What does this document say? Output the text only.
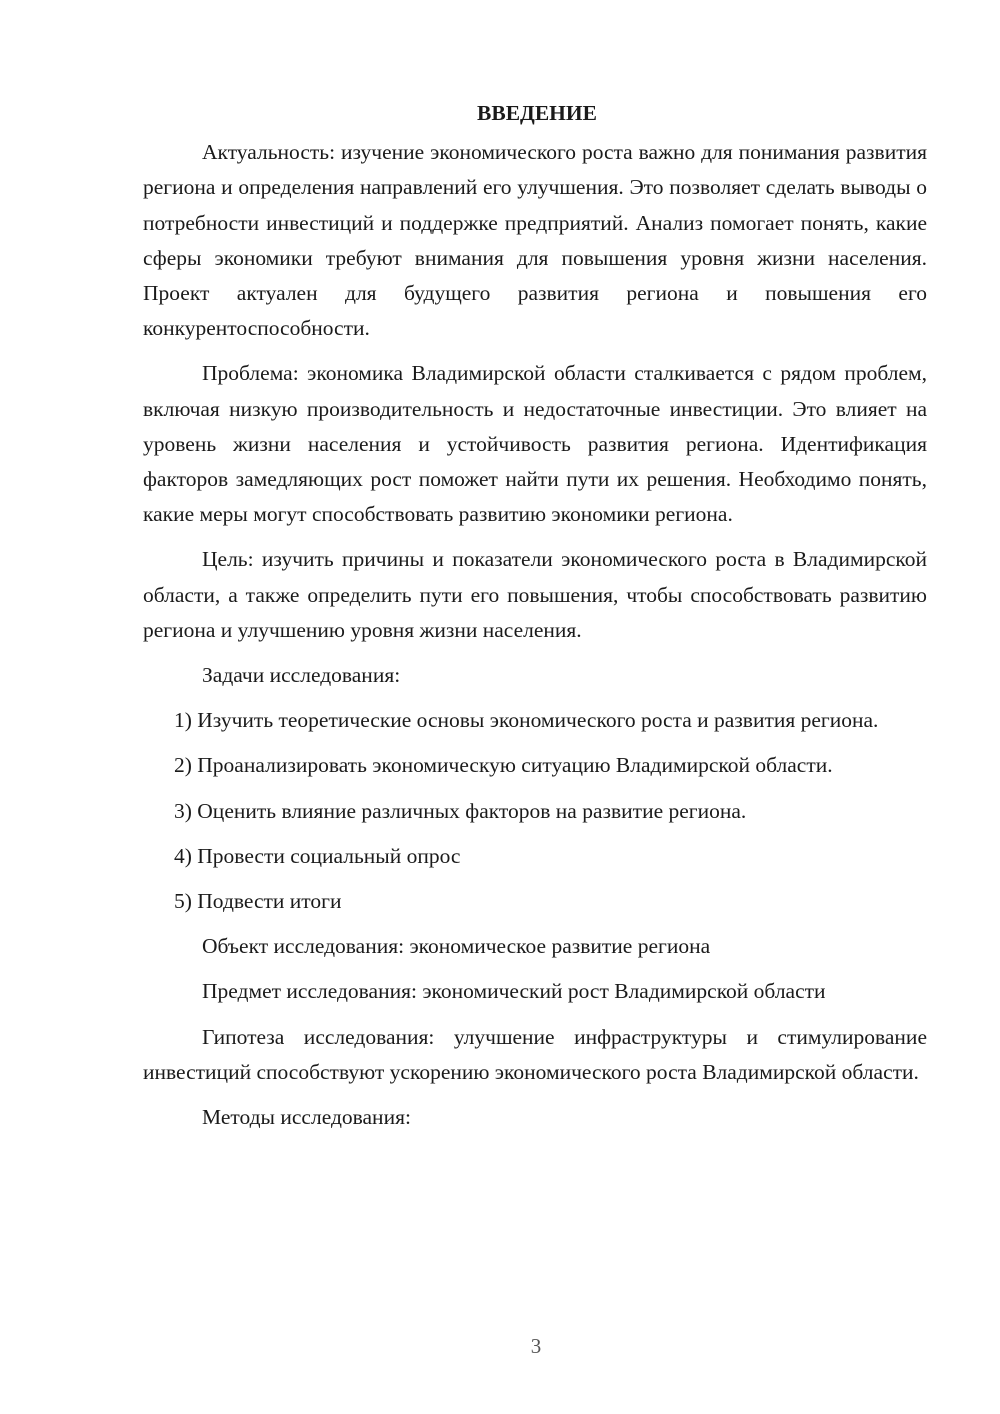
ВВЕДЕНИЕ

Актуальность: изучение экономического роста важно для понимания развития региона и определения направлений его улучшения. Это позволяет сделать выводы о потребности инвестиций и поддержке предприятий. Анализ помогает понять, какие сферы экономики требуют внимания для повышения уровня жизни населения. Проект актуален для будущего развития региона и повышения его конкурентоспособности.

Проблема: экономика Владимирской области сталкивается с рядом проблем, включая низкую производительность и недостаточные инвестиции. Это влияет на уровень жизни населения и устойчивость развития региона. Идентификация факторов замедляющих рост поможет найти пути их решения. Необходимо понять, какие меры могут способствовать развитию экономики региона.

Цель: изучить причины и показатели экономического роста в Владимирской области, а также определить пути его повышения, чтобы способствовать развитию региона и улучшению уровня жизни населения.

Задачи исследования:

1) Изучить теоретические основы экономического роста и развития региона.

2) Проанализировать экономическую ситуацию Владимирской области.

3) Оценить влияние различных факторов на развитие региона.

4) Провести социальный опрос

5) Подвести итоги

Объект исследования: экономическое развитие региона

Предмет исследования: экономический рост Владимирской области

Гипотеза исследования: улучшение инфраструктуры и стимулирование инвестиций способствуют ускорению экономического роста Владимирской области.

Методы исследования:

3
